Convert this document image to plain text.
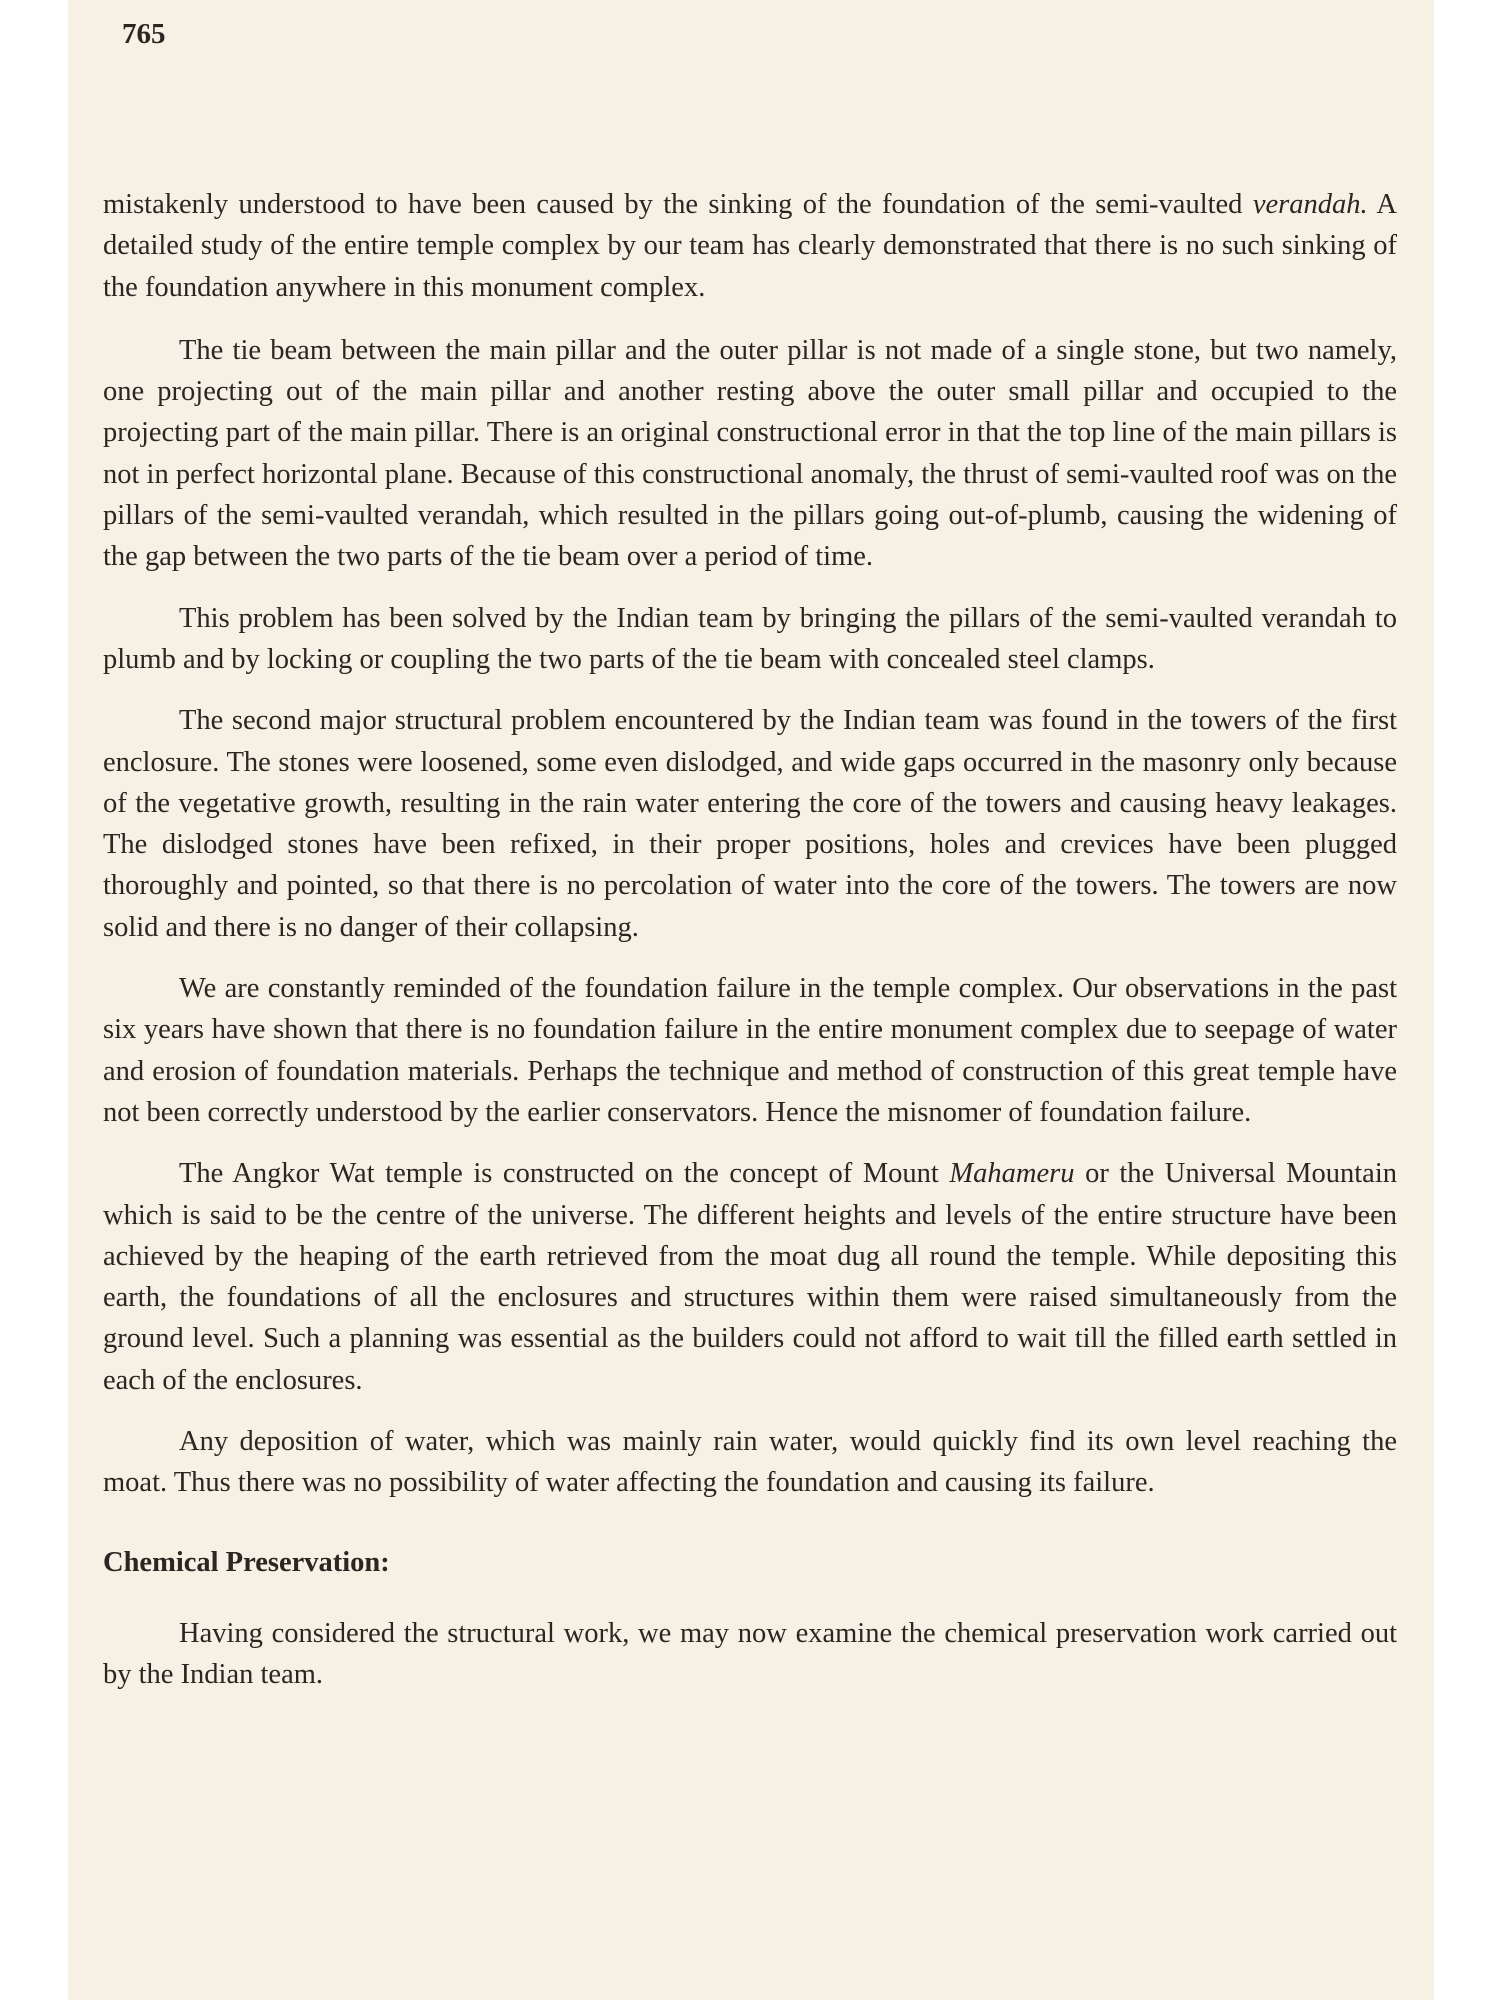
765

mistakenly understood to have been caused by the sinking of the foundation of the semi-vaulted verandah. A detailed study of the entire temple complex by our team has clearly demonstrated that there is no such sinking of the foundation anywhere in this monument complex.

The tie beam between the main pillar and the outer pillar is not made of a single stone, but two namely, one projecting out of the main pillar and another resting above the outer small pillar and occupied to the projecting part of the main pillar. There is an original constructional error in that the top line of the main pillars is not in perfect horizontal plane. Because of this constructional anomaly, the thrust of semi-vaulted roof was on the pillars of the semi-vaulted verandah, which resulted in the pillars going out-of-plumb, causing the widening of the gap between the two parts of the tie beam over a period of time.

This problem has been solved by the Indian team by bringing the pillars of the semi-vaulted verandah to plumb and by locking or coupling the two parts of the tie beam with concealed steel clamps.

The second major structural problem encountered by the Indian team was found in the towers of the first enclosure. The stones were loosened, some even dislodged, and wide gaps occurred in the masonry only because of the vegetative growth, resulting in the rain water entering the core of the towers and causing heavy leakages. The dislodged stones have been refixed, in their proper positions, holes and crevices have been plugged thoroughly and pointed, so that there is no percolation of water into the core of the towers. The towers are now solid and there is no danger of their collapsing.

We are constantly reminded of the foundation failure in the temple complex. Our observations in the past six years have shown that there is no foundation failure in the entire monument complex due to seepage of water and erosion of foundation materials. Perhaps the technique and method of construction of this great temple have not been correctly understood by the earlier conservators. Hence the misnomer of foundation failure.

The Angkor Wat temple is constructed on the concept of Mount Mahameru or the Universal Mountain which is said to be the centre of the universe. The different heights and levels of the entire structure have been achieved by the heaping of the earth retrieved from the moat dug all round the temple. While depositing this earth, the foundations of all the enclosures and structures within them were raised simultaneously from the ground level. Such a planning was essential as the builders could not afford to wait till the filled earth settled in each of the enclosures.

Any deposition of water, which was mainly rain water, would quickly find its own level reaching the moat. Thus there was no possibility of water affecting the foundation and causing its failure.

Chemical Preservation:

Having considered the structural work, we may now examine the chemical preservation work carried out by the Indian team.
